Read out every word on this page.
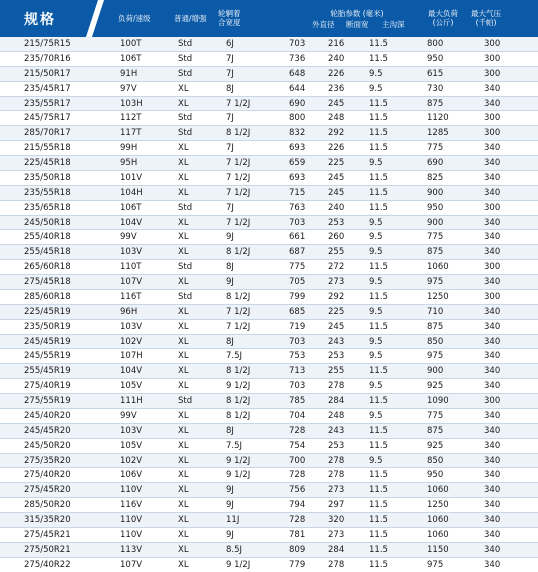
规格	负荷/速级	普通/增强
轮辋着
合宽度
轮胎参数 (毫米)
外直径	断面宽	主沟深
最大负荷
(公斤)
最大气压
(千帕)
215/75R15	100T	Std	6J	703	216	11.5	800	300
235/70R16	106T	Std	7J	736	240	11.5	950	300
215/50R17	91H	Std	7J	648	226	9.5	615	300
235/45R17	97V	XL	8J	644	236	9.5	730	340
235/55R17	103H	XL	7 1/2J	690	245	11.5	875	340
245/75R17	112T	Std	7J	800	248	11.5	1120	300
285/70R17	117T	Std	8 1/2J	832	292	11.5	1285	300
215/55R18	99H	XL	7J	693	226	11.5	775	340
225/45R18	95H	XL	7 1/2J	659	225	9.5	690	340
235/50R18	101V	XL	7 1/2J	693	245	11.5	825	340
235/55R18	104H	XL	7 1/2J	715	245	11.5	900	340
235/65R18	106T	Std	7J	763	240	11.5	950	300
245/50R18	104V	XL	7 1/2J	703	253	9.5	900	340
255/40R18	99V	XL	9J	661	260	9.5	775	340
255/45R18	103V	XL	8 1/2J	687	255	9.5	875	340
265/60R18	110T	Std	8J	775	272	11.5	1060	300
275/45R18	107V	XL	9J	705	273	9.5	975	340
285/60R18	116T	Std	8 1/2J	799	292	11.5	1250	300
225/45R19	96H	XL	7 1/2J	685	225	9.5	710	340
235/50R19	103V	XL	7 1/2J	719	245	11.5	875	340
245/45R19	102V	XL	8J	703	243	9.5	850	340
245/55R19	107H	XL	7.5J	753	253	9.5	975	340
255/45R19	104V	XL	8 1/2J	713	255	11.5	900	340
275/40R19	105V	XL	9 1/2J	703	278	9.5	925	340
275/55R19	111H	Std	8 1/2J	785	284	11.5	1090	300
245/40R20	99V	XL	8 1/2J	704	248	9.5	775	340
245/45R20	103V	XL	8J	728	243	11.5	875	340
245/50R20	105V	XL	7.5J	754	253	11.5	925	340
275/35R20	102V	XL	9 1/2J	700	278	9.5	850	340
275/40R20	106V	XL	9 1/2J	728	278	11.5	950	340
275/45R20	110V	XL	9J	756	273	11.5	1060	340
285/50R20	116V	XL	9J	794	297	11.5	1250	340
315/35R20	110V	XL	11J	728	320	11.5	1060	340
275/45R21	110V	XL	9J	781	273	11.5	1060	340
275/50R21	113V	XL	8.5J	809	284	11.5	1150	340
275/40R22	107V	XL	9 1/2J	779	278	11.5	975	340
